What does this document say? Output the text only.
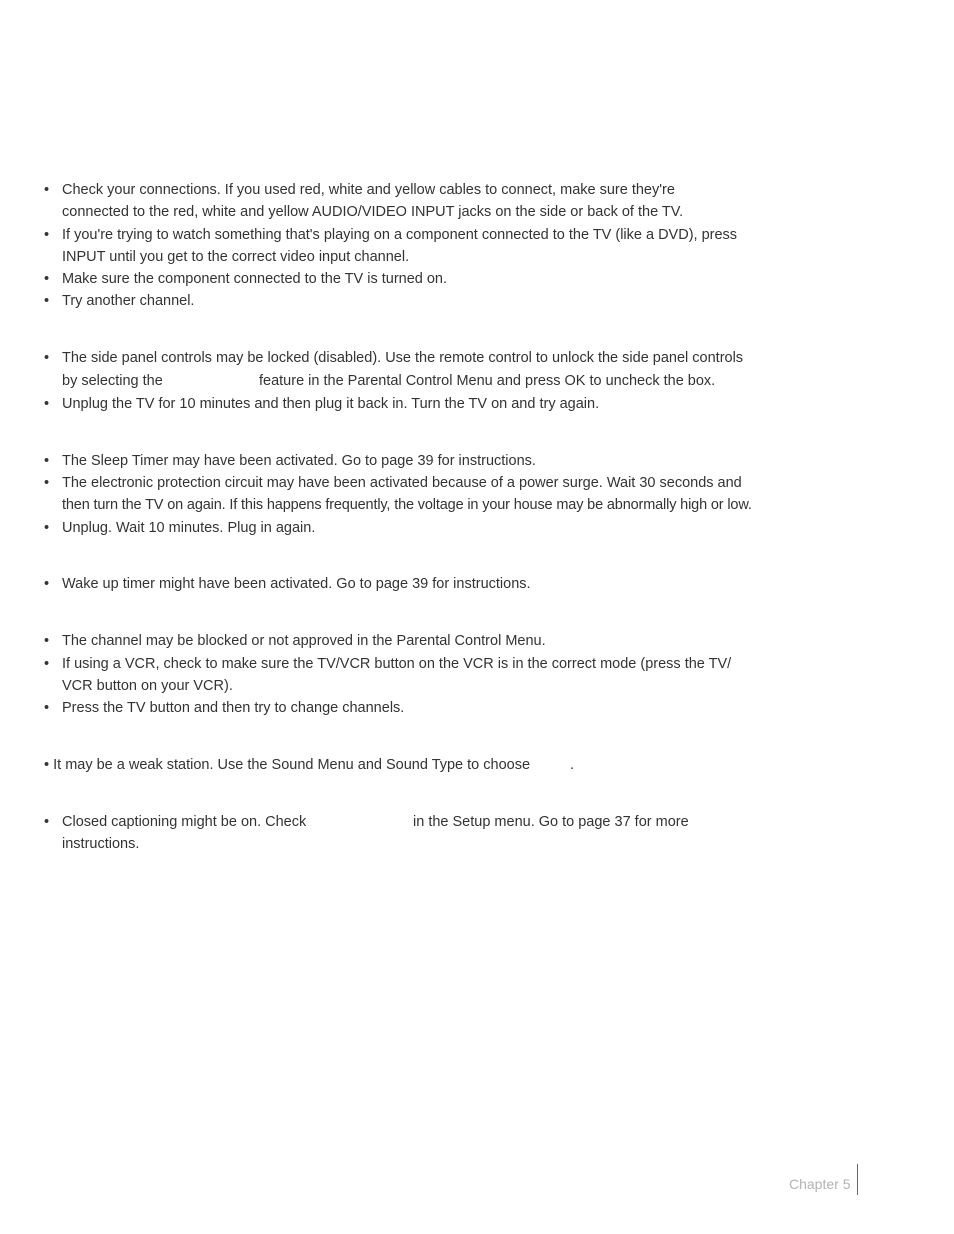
• Check your connections. If you used red, white and yellow cables to connect, make sure they're
connected to the red, white and yellow AUDIO/VIDEO INPUT jacks on the side or back of the TV.
• If you're trying to watch something that's playing on a component connected to the TV (like a DVD), press
INPUT until you get to the correct video input channel.
• Make sure the component connected to the TV is turned on.
• Try another channel.
• The side panel controls may be locked (disabled). Use the remote control to unlock the side panel controls
by selecting the	feature in the Parental Control Menu and press OK to uncheck the box.
• Unplug the TV for 10 minutes and then plug it back in. Turn the TV on and try again.
• The Sleep Timer may have been activated. Go to page 39 for instructions.
• The electronic protection circuit may have been activated because of a power surge. Wait 30 seconds and
then turn the TV on again. If this happens frequently, the voltage in your house may be abnormally high or low.
• Unplug. Wait 10 minutes. Plug in again.
• Wake up timer might have been activated. Go to page 39 for instructions.
• The channel may be blocked or not approved in the Parental Control Menu.
• If using a VCR, check to make sure the TV/VCR button on the VCR is in the correct mode (press the TV/
VCR button on your VCR).
• Press the TV button and then try to change channels.
• It may be a weak station. Use the Sound Menu and Sound Type to choose	.
• Closed captioning might be on. Check	in the Setup menu. Go to page 37 for more
instructions.
Chapter 5
